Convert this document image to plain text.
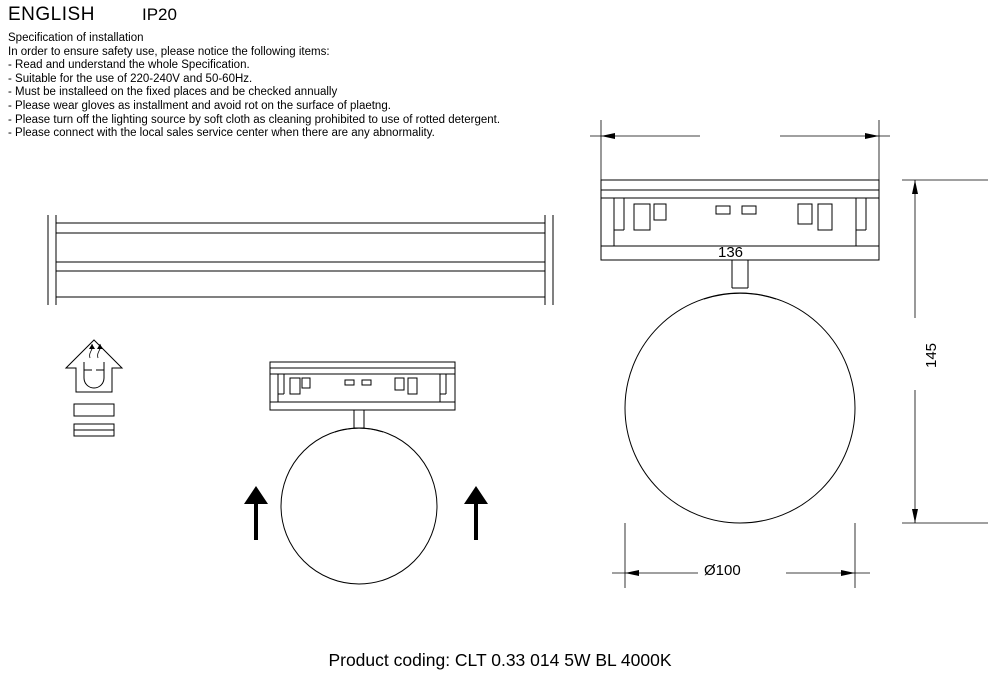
ENGLISH	IP20
Specification of installation
In order to ensure safety use, please notice the following items:
- Read and understand the whole Specification.
- Suitable for the use of 220-240V and 50-60Hz.
- Must be installeed on the fixed places and be checked annually
- Please wear gloves as installment and avoid rot on the surface of plaetng.
- Please turn off the lighting source by soft cloth as cleaning prohibited to use of rotted detergent.
- Please connect with the local sales service center when there are any abnormality.
136
145
Ø100
Product coding: CLT 0.33 014 5W BL 4000K
